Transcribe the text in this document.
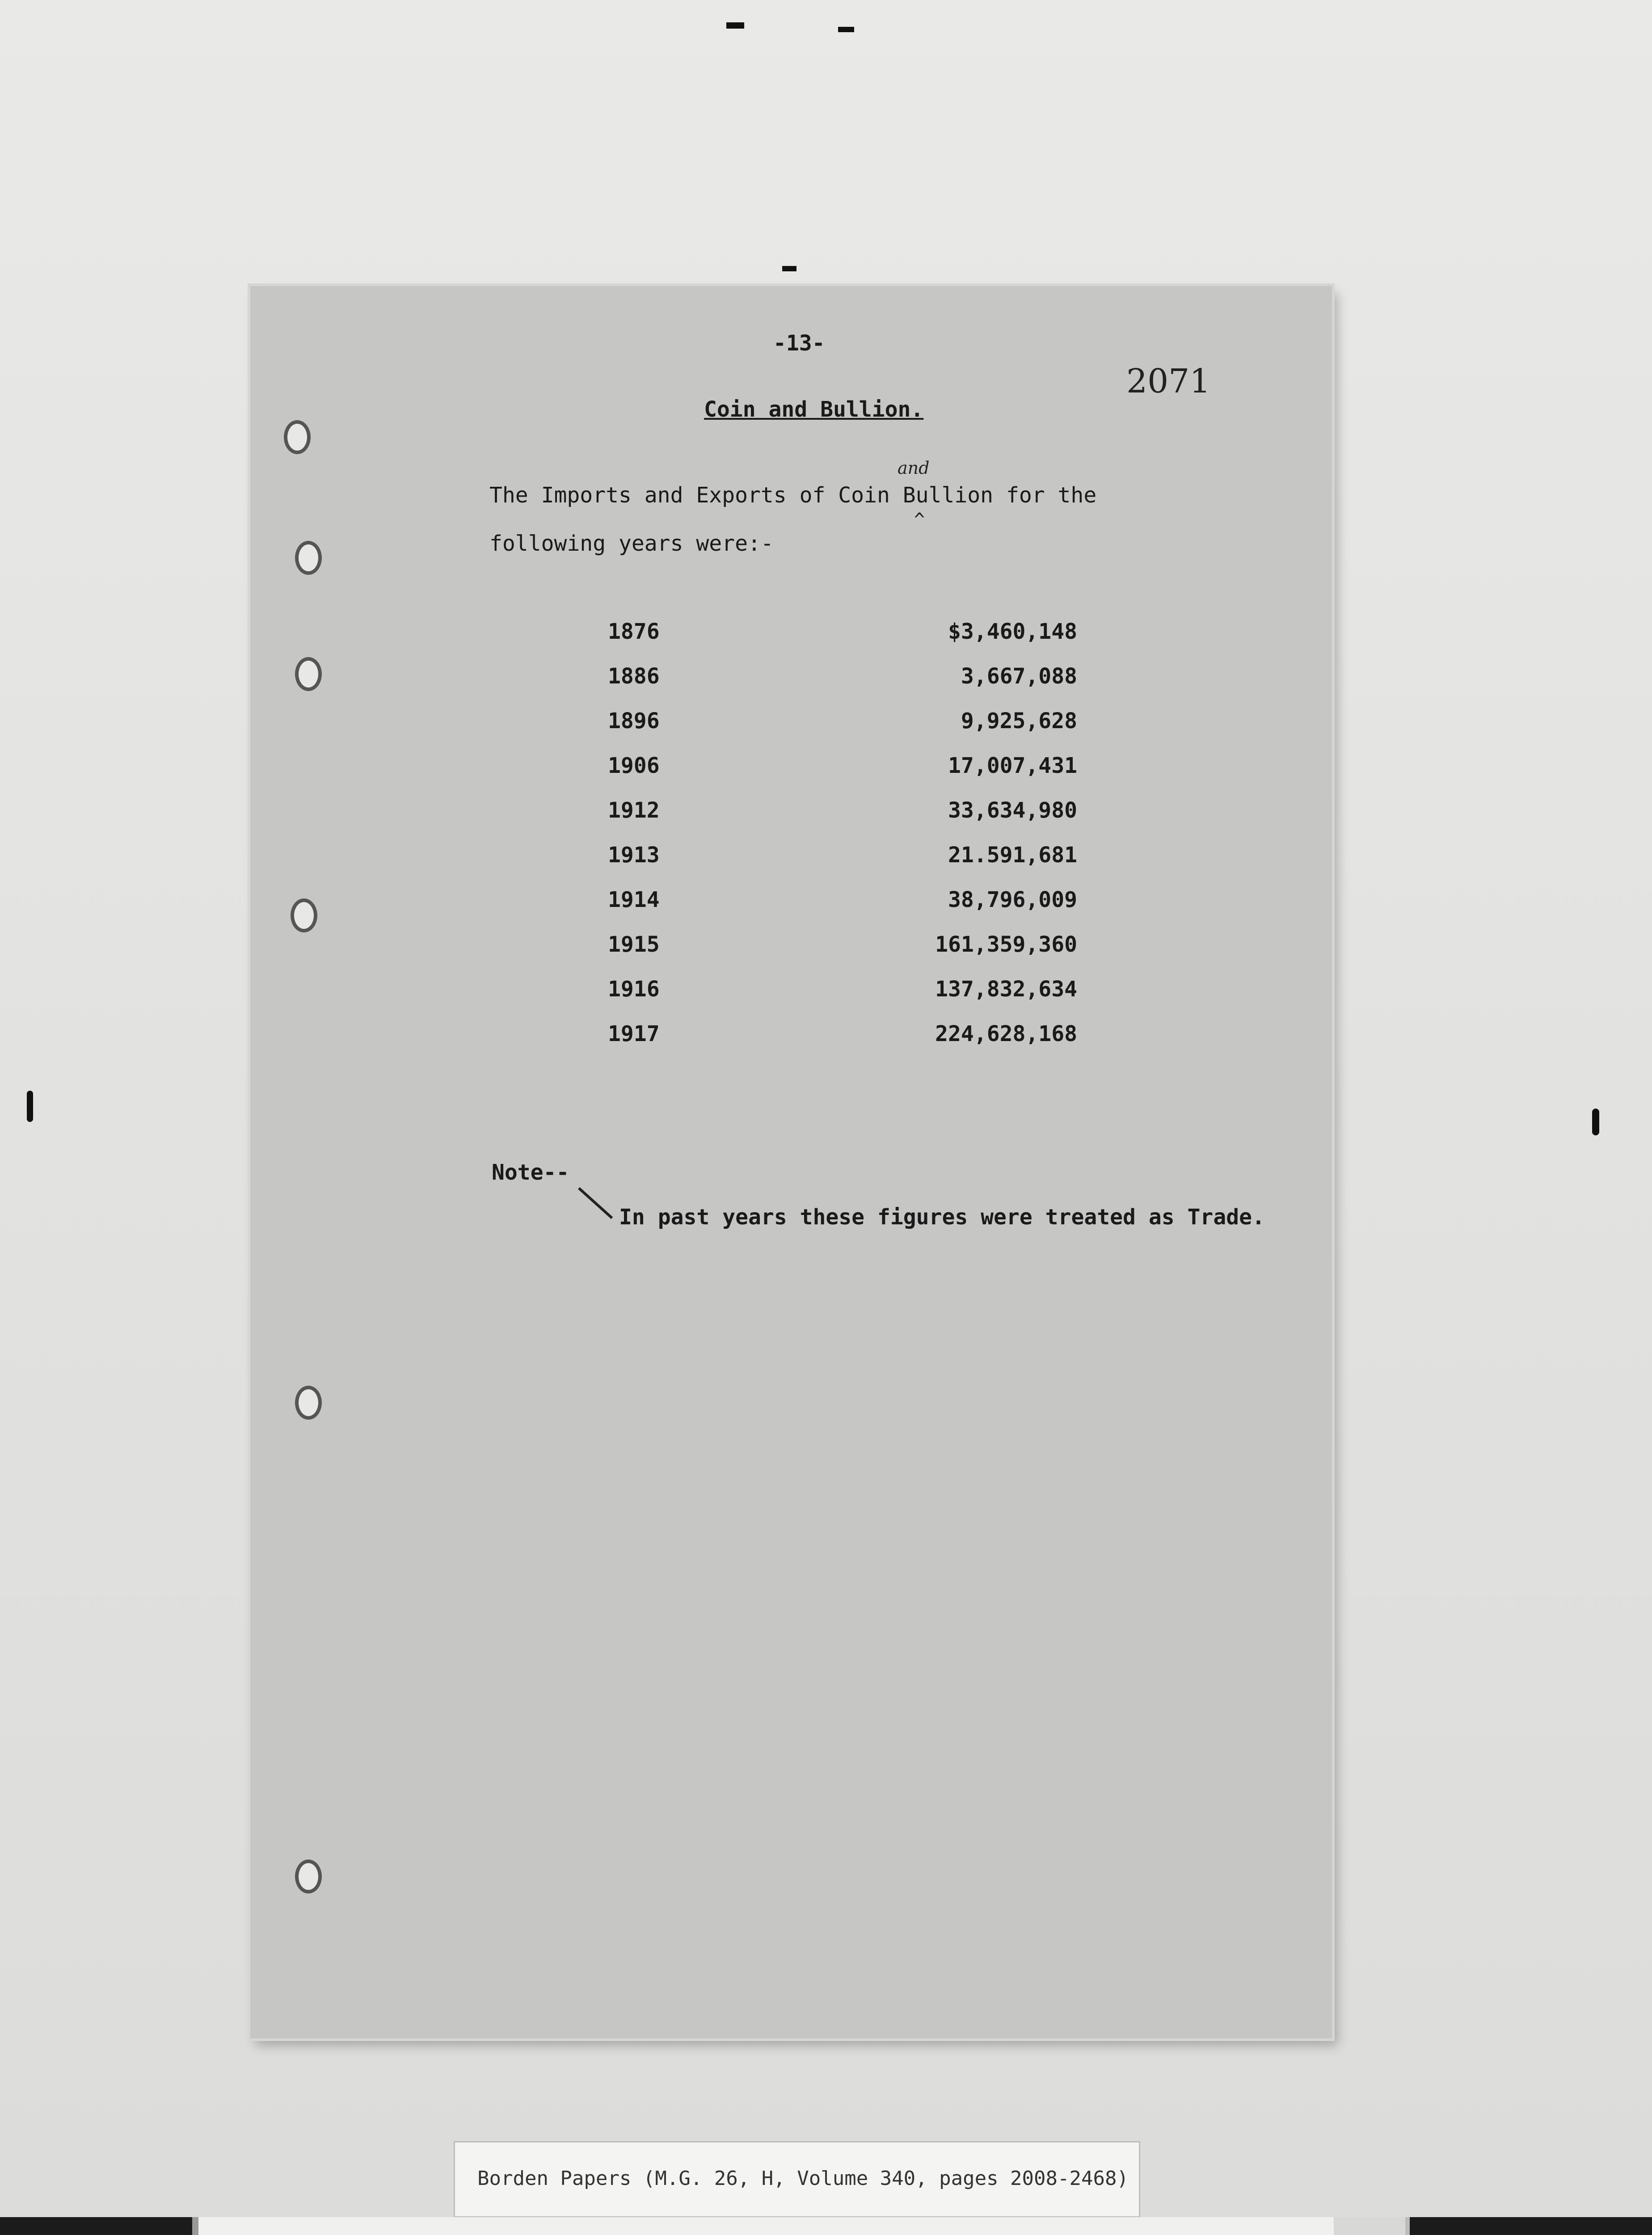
-13-
2071
Coin and Bullion.
and
The Imports and Exports of Coin Bullion for the
^
following years were:-
1876	$3,460,148
1886	3,667,088
1896	9,925,628
1906	17,007,431
1912	33,634,980
1913	21.591,681
1914	38,796,009
1915	161,359,360
1916	137,832,634
1917	224,628,168
Note--
In past years these figures were treated as Trade.
Borden Papers (M.G. 26, H, Volume 340, pages 2008-2468)
